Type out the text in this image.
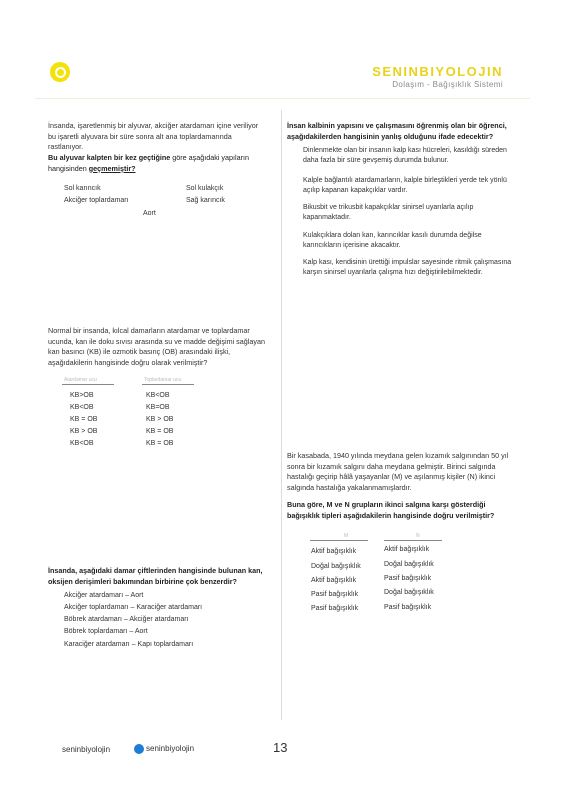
SENINBIYOLOJIN
Dolaşım - Bağışıklık Sistemi
İnsanda, işaretlenmiş bir alyuvar, akciğer atardamarı içine veriliyor bu işaretli alyuvara bir süre sonra alt ana toplardamarında rastlanıyor.
Bu alyuvar kalpten bir kez geçtiğine göre aşağıdaki yapıların hangisinden geçmemiştir?
Sol karıncık
Akciğer toplardamarı
Sol kulakçık
Sağ karıncık
Aort
Normal bir insanda, kılcal damarların atardamar ve toplardamar ucunda, kan ile doku sıvısı arasında su ve madde değişimi sağlayan kan basıncı (KB) ile ozmotik basınç (OB) arasındaki ilişki, aşağıdakilerin hangisinde doğru olarak verilmiştir?
Atardamar ucu	Toplardamar ucu
KB>OB	KB<OB
KB<OB	KB=OB
KB = OB	KB > OB
KB > OB	KB = OB
KB<OB	KB = OB
İnsanda, aşağıdaki damar çiftlerinden hangisinde bulunan kan, oksijen derişimleri bakımından birbirine çok benzerdir?
Akciğer atardamarı – Aort
Akciğer toplardamarı – Karaciğer atardamarı
Böbrek atardamarı – Akciğer atardamarı
Böbrek toplardamarı – Aort
Karaciğer atardamarı – Kapı toplardamarı
İnsan kalbinin yapısını ve çalışmasını öğrenmiş olan bir öğrenci, aşağıdakilerden hangisinin yanlış olduğunu ifade edecektir?
Dinlenmekte olan bir insanın kalp kası hücreleri, kasıldığı süreden daha fazla bir süre gevşemiş durumda bulunur.
Kalple bağlantılı atardamarların, kalple birleştikleri yerde tek yönlü açılıp kapanan kapakçıklar vardır.
Bikusbit ve trikusbit kapakçıklar sinirsel uyarılarla açılıp kapanmaktadır.
Kulakçıklara dolan kan, karıncıklar kasılı durumda değilse karıncıkların içerisine akacaktır.
Kalp kası, kendisinin ürettiği impulslar sayesinde ritmik çalışmasına karşın sinirsel uyarılarla çalışma hızı değiştirilebilmektedir.
Bir kasabada, 1940 yılında meydana gelen kızamık salgınından 50 yıl sonra bir kızamık salgını daha meydana gelmiştir. Birinci salgında hastalığı geçirip hâlâ yaşayanlar (M) ve aşılanmış kişiler (N) ikinci salgında hastalığa yakalanmamışlardır.
Buna göre, M ve N grupların ikinci salgına karşı gösterdiği bağışıklık tipleri aşağıdakilerin hangisinde doğru verilmiştir?
M	N
Aktif bağışıklık	Aktif bağışıklık
Doğal bağışıklık	Doğal bağışıklık
Aktif bağışıklık	Pasif bağışıklık
Pasif bağışıklık	Doğal bağışıklık
Pasif bağışıklık	Pasif bağışıklık
seninbiyolojin	seninbiyolojin	13
